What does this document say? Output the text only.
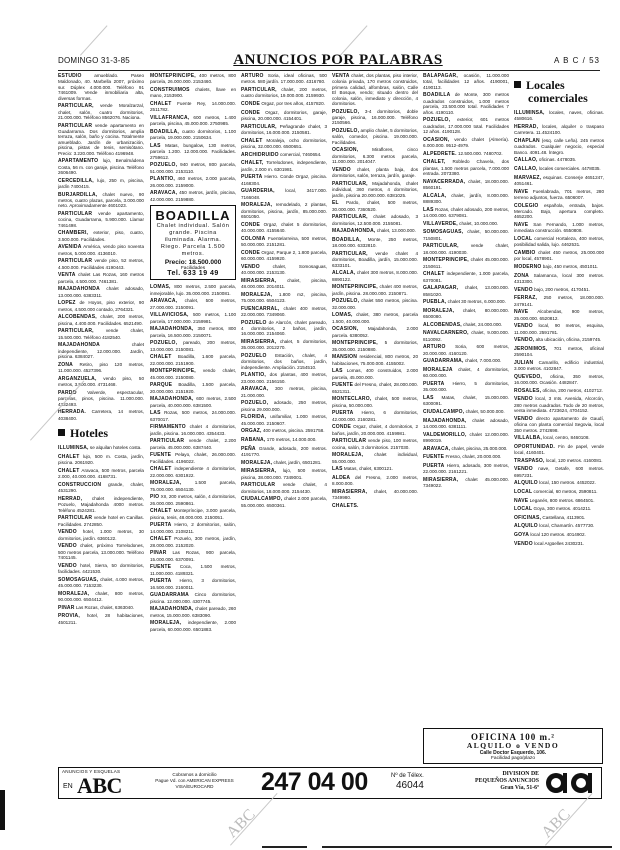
DOMINGO 31-3-85	ANUNCIOS POR PALABRAS	A B C / 53
ESTUDIO	amueblado. Paseo Maldonado, 40. Marbella 2007, próximo sur. Dúplex 4.000.000. Teléfono 91 7461009. Vende inmobiliaria alta, diversas formas.
PARTICULAR, vende Moralzarzal, chalet, salón, cuatro dormitorios, 21.000.000. Teléfono 8562076. Naciona.
PARTICULAR vende apartamento en Guadarrama. Dos dormitorios, amplia terraza, salón, baño y cocina. Totalmente amueblado. Jardín de urbanización, piscina, pistas de tenis, semisótano. Precio: 3.220.000. Teléfono 4196948.
APARTAMENTO lujo, Benalmádena Costa, 56 m. con garaje, piscina. Teléfono 2606490.
CERCEDILLA, lujo, 250 m, piscina, jardín 7400415.
BURJARDILLA, chalet nuevo, 90 metros, cuatro plazas, parcela, 3.000.000 neto. Aproximadamente 4601023.
PARTICULAR vende apartamento, cocina, Guadarrama, 5.900.000. Llamar 7461498.
CHAMBERI, exterior, piso, cuatro, 3.500.000. Facilidades.
AVENIDA América, vendo piso noventa metros, 5.000.000. 4136010.
PARTICULAR vende piso, 52 metros, 4.500.000. Facilidades 4190443.
VENTA chalet Las Rozas, 160 metros parcela, 4.500.000. 7461381.
MAJADAHONDA chalet adosado, 13.000.000. 6383311.
LOPEZ de Hoyos, piso exterior, 90 metros, 4.500.000 contado, 2764321.
ALCOBENDAS, chalet, 200 metros, piscina, 4.400.000. Facilidades. 6521490.
PARTICULAR,	vende chalet, 15.500.000. Teléfono 4182540.
MAJADAHONDA	chalet independiente, 12.000.000. Jardín, piscina. 6384027.
ZONA Retiro, piso 120 metros, 11.000.000. 4527396.
ARGANZUELA, vendo piso, 50 metros, 3.500.000. 4731468.
PARDO Valverde, espectacular, parcelas, pinos, piscina. 11.000.000. 4332493.
HERRADA. Carretera, 14 metros, 4038400.
Hoteles
ILLUMINSA, se alquilan hoteles costa.
CHALET lujo, 500 m. Costa, jardín, piscina. 2061920.
CHALET Aravaca, 500 metros, parcela 2.000, 40.000.000. 4168731.
CONSTRUCCION grande, chalet, 4531290.
HERRAD, chalet independiente, Pozuelo, Majadahonda 4000 metros. Teléfono 4524281.
PARTICULAR vende hotel en Canillas. Facilidades. 2742850.
VENDO hotel, 1.000 metros, 30 dormitorios, jardín. 6360122.
VENDO chalet, próximo Torrelodones, 500 metros parcela, 13.000.000. Teléfono 7401145.
VENDO hotel, Sierra, 50 dormitorios, facilidades. 4421530.
SOMOSAGUAS, chalet, 4.000 metros, 45.000.000. 7153230.
MORALEJA, chalet, 800 metros, 90.000.000. 6504412.
PINAR Las Rozas, chalet, 6363040.
PROVIA, hotel, 28 habitaciones, 4501211.
MONTEPRINCIPE, 400 metros, 800 parcela, 26.000.000. 2153460.
CONSTRUIMOS chalets, llave en mano, 2153900.
CHALET Fuente Rey, 14.000.000. 2511782.
VILLAFRANCA, 600 metros, 1.400 parcela, piscina, 45.000.000. 2750985.
BOADILLA, cuatro dormitorios, 1.100 parcela, 19.000.000. 2150634.
LAS Matas, bungalow, 130 metros, parcela 1.200. 12.000.000. Facilidades. 2759612.
POZUELO, 940 metros, 800 parcela, 51.000.000. 2153110.
PLANTIO, 460 metros, 2.000 parcela, 26.000.000. 2159000.
ARAVACA, 450 metros, jardín, piscina, 42.000.000. 2159880.
BOADILLA
Chalet individual. Salón grande. Piscina iluminada. Alarma. Riego. Parcela 1.500 metros.
Precio: 18.500.000
Facilidades
Tel. 633 19 49
LOMAS, 800 metros, 2.500 parcela, inmejorable, lujo. 35.000.000. 2150081.
ARAVACA, chalet, 500 metros, 27.000.000. 2150091.
VILLAVICIOSA, 500 metros, 1.100 parcela, 17.000.000. 2159981.
MAJADAHONDA, 350 metros, 800 parcela, 16.500.000. 2150071.
POZUELO, pareado, 200 metros, 13.000.000. 2150081.
CHALET Boadilla, 1.600 parcela, 22.000.000. 2151900.
MONTEPRINCIPE, vendo chalet, 45.000.000. 2150080.
PARQUE Boadilla, 1.500 parcela, 20.000.000. 2151920.
MAJADAHONDA, 600 metros, 2.500 parcela, 40.000.000. 6381500.
LAS Rozas, 500 metros, 24.000.000. 6370017.
FIRMAMENTO chalet 4 dormitorios, jardín, piscina. 16.000.000. 4354433.
PARTICULAR vende chalet, 2.200 parcela. 45.000.000. 6387440.
FUENTE Pelayo, chalet, 26.000.000. Facilidades. 4196022.
CHALET independiente 4 dormitorios, 22.000.000. 6301922.
MORALEJA,	1.500 parcela, 75.000.000. 6504130.
PIO XII, 200 metros, salón, 4 dormitorios, 26.000.000. 2590861.
CHALET Montepríncipe, 3.000 parcela, piscina, tenis, 48.000.000. 2150051.
PUERTA Hierro, 2 dormitorios, salón, 14.000.000. 2108211.
CHALET Pozuelo, 300 metros, jardín, 28.000.000. 2152020.
PINAR Las Rozas, 900 parcela, 15.000.000. 6370091.
FUENTE Coca, 1.500 metros, 11.000.000. 4189321.
PUERTA Hierro, 3 dormitorios, 16.500.000. 2160011.
GUADARRAMA Cinco dormitorios, piscina. 12.000.000. 4307745.
MAJADAHONDA, chalet pareado, 260 metros, 15.000.000. 6383090.
MORALEJA, independiente, 2.000 parcela, 60.000.000. 6501883.
ARTURO Soria, ideal oficinas, 500 metros. 580 jardín. 17.000.000. 4316780.
PARTICULAR, chalet, 200 metros, cuatro dormitorios, 19.000.000. 2159930.
CONDE Orgaz, por tres años, 4157820.
CONDE Orgaz, dormitorios, garaje, piscina, 20.000.000. 4154401.
PARTICULAR, Peñagrande chalet, 3 dormitorios, 16.000.000. 2150581.
CHALET Moraleja, ocho dormitorios, piscina, 32.000.000. 6500651.
ARCHIDRUIDO comercial, 7460654.
CHALET, Torrelodones, independiente, jardín, 2.000 m. 6301981.
PUERTA Hierro. Conde Orgaz, piscina. 4168304.
GUARDERIA, local, 3417.000. 7166048.
MORALEJA, remodelado, 2 plantas, dormitorios, piscina, jardín, 85.000.000. 6501050.
CONDE Orgaz, chalet 5 dormitorios, 40.000.000. 4155640.
COLONIA Fuentelarreina, 500 metros, 50.000.000. 2151281.
CONDE Orgaz, Parque 2, 1.800 parcela, 60.000.000. 4159920.
VENDO	chalet, Somosaguas, 40.000.000. 2153130.
MIRASIERRA, chalet, piscina, 48.000.000. 2014011.
MORALEJA, 1.800 m2, piscina, 75.000.000. 6504123.
FUENCARRAL, chalet 400 metros, 22.000.000. 7349060.
POZUELO de Alarcón, chalet pareado, 4 dormitorios, 2 baños, jardín, 16.000.000. 2154060.
MIRASIERRA, chalet, 5 dormitorios, 35.000.000. 2012270.
POZUELO Estación, chalet, 4 dormitorios, dos baños, jardín, independiente. Ampliación. 2154510.
PLANTIO, dos plantas, 400 metros, 23.000.000. 2156150.
ARAVACA, 300 metros, piscina, 21.000.000.
POZUELO, adosado, 250 metros, piscina 29.000.000.
FLORIDA, unifamiliar, 1.000 metros, 45.000.000. 2150607.
ORGAZ, 400 metros, piscina. 2591758.
RABANA, 170 metros, 14.000.000.
PEÑA Grande, adosado, 200 metros. 4191770.
MORALEJA, chalet, jardín, 6501281.
MIRASIERRA, lujo, 500 metros, piscina, 38.000.000. 7349001.
PARTICULAR vende chalet, 4 dormitorios, 18.000.000. 2154430.
CIUDALCAMPO, chalet 2.000 parcela, 55.000.000. 6500361.
VENTA chalet, dos plantas, piso interior, colonia privada, 170 metros construidos, primera calidad, alfombras, salón, Calle El Bosque, vendo; situado dentro del colonia, salón, inmediato y dirección, 4 dormitorios.
POZUELO, 3-4 dormitorios, doble garaje, piscina, 16.000.000. Teléfono 2150566.
POZUELO, amplio chalet, 5 dormitorios, salón, comedor, piscina. 19.000.000. Facilidades.
OCASION,	Miraflores, cinco dormitorios, 6.300 metros parcela, 11.000.000. 2014047.
VENDO chalet, planta baja, dos dormitorios, salón, terraza, jardín, garaje.
PARTICULAR, Majadahonda, chalet individual, 360 metros, 4 dormitorios, jardín, piscina 20.000.000. 6381025.
EL Pardo, chalet, 500 metros, 30.000.000. 7360520.
PARTICULAR, chalet adosado, 3 dormitorios, 12.500.000. 2155081.
MAJADAHONDA, chalet, 13.000.000.
BOADILLA, Monte, 250 metros, 18.000.000. 6332810.
PARTICULAR, vende chalet 4 dormitorios, Boadilla, jardín, 15.000.000. 6333101.
ALCALA, chalet 300 metros, 8.000.000. 8890122.
MONTEPRINCIPE, chalet 400 metros, jardín, piscina. 28.000.000. 2150871.
POZUELO, chalet 550 metros, piscina. 32.000.000.
LOMAS, chalet, 380 metros, parcela 1.500, 40.000.000.
OCASION, Majadahonda, 2.000 parcela. 6380052.
MONTEPRINCIPE, 5 dormitorios, 35.000.000. 2150880.
MANSION residencial, 800 metros, 20 habitaciones, 75.000.000. 4155002.
LAS Lomas, 400 construidos, 2.000 parcela, 45.000.000.
FUENTE del Fresno, chalet, 28.000.000. 6521311.
MONTECLARO, chalet, 500 metros, piscina, 50.000.000.
PUERTA Hierro, 6 dormitorios, 42.000.000. 2160281.
CONDE Orgaz, chalet, 4 dormitorios, 2 baños, jardín, 20.000.000. 4159981.
PARTICULAR vende piso, 100 metros, cocina, salón, 3 dormitorios. 2157030.
MORALEJA, chalet individual, 55.000.000.
LAS Matas, chalet, 6300121.
ALDEA del Fresno, 2.000 metros, 8.000.000.
MIRASIERRA, chalet, 40.000.000. 7349980.
CHALETS.
BALAPAGAR, ocasión, 11.000.000 total, facilidades 12 años. 4190001, 4190113.
BOADILLA de Monte, 300 metros cuadrados construidos, 1.000 metros parcela, 23.500.000 total. Facilidades 7 años. 4190110.
POZUELO, exterior, 601 metros cuadrados, 17.000.000 total. Facilidades 12 años. 4190128.
OCASION, vendo chalet (Almería). 6.000.000. 9512-4979.
ALPEDRETE. 12.500.000. 7480702.
CHALET, Robledo Chavela, dos plantas, 1.500 metros parcela, 7.000.000 entrada. 2073380.
NAVACERRADA, chalet, 18.000.000. 8560191.
ALCALA, chalet, jardín, 8.000.000. 8889300.
LAS Rozas, chalet adosado, 200 metros, 14.000.000. 6379081.
VILLAVERDE, chalet, 10.000.000.
SOMOSAGUAS, chalet, 50.000.000. 7150801.
PARTICULAR,	vende chalet, 18.000.000. 4190030.
MONTEPRINCIPE, chalet 45.000.000. 2150611.
CHALET independiente, 1.000 parcela, 6370081.
GALAPAGAR, chalet, 13.000.000. 8581020.
PUEBLA, chalet 30 metros, 6.000.000.
MORALEJA, chalet, 80.000.000. 6500080.
ALCOBENDAS, chalet, 24.000.000.
NAVALCARNERO, chalet, 9.000.000. 8110092.
ARTURO Soria, 600 metros, 20.000.000. 4160120.
GUADARRAMA, chalet, 7.000.000.
MORALEJA chalet, 4 dormitorios, 60.000.000.
PUERTA Hierro, 5 dormitorios, 35.000.000.
LAS Matas, chalet, 15.000.000. 6300091.
CIUDALCAMPO, chalet, 50.000.000.
MAJADAHONDA, chalet adosado, 14.000.000. 6381111.
VALDEMORILLO, chalet 12.000.000. 8990019.
ARAVACA, chalet, piscina, 25.000.000.
FUENTE Fresno, chalet, 20.000.000.
PUERTA Hierro, adosado, 300 metros, 22.000.000. 2161221.
MIRASIERRA, chalet 45.000.000. 7349022.
Locales
comerciales
ILLUMINSA, locales, naves, oficinas. 4580616.
HERRAD, locales, alquiler o traspaso Carretera. 11.4524100.
CHAPLAN (esq. calle Leña). 245 metros cuadrados. Cualquier negocio, especial Banco. 4091.48. Íntegro.
CALLAO, oficinas. 4478035.
CALLAO, locales comerciales. 4478035.
MARVAEZ, esquinas. Conserje 4651247, 4051461.
NAVE Fuenlabrada, 701 metros, 280 terreno adjuntos, fuerza. 6506007.
COLEGIO española, entrada, bajos. Mercado. Bajo, apertura completo. 4652200.
NAVE San Fernando, 1.000 metros, inmediata construcción. 6550808.
LOCAL comercial Hortaleza, 400 metros, posibilidad salida, lujo. 4462531.
CAMBIO chalet 450 metros, 25.000.000 por local, 4578901.
MODERNO bajo, 450 metros, 4501011.
ZONA Salamanca, local 300 metros. 4313300.
VENDO bajo, 200 metros, 4170451.
FERRAZ, 250 metros, 18.000.000. 2479141.
NAVE Alcobendas, 900 metros, 25.000.000. 6520812.
VENDO local, 90 metros, esquina, 11.000.000. 2591781.
VENDO, alta ubicación, oficina, 2159745.
JERONIMOS, 701 metros, oficinal 2590104.
JULIAN Camarillo, edificio industrial, 3.000 metros. 4102847.
QUEVEDO, oficina, 350 metros, 16.000.000. Ocasión. 4482847.
ROSALES, oficina, 200 metros, 4102712.
VENDO local, 3 mts. Avenida, Alcorcón, 280 metros cuadrados. Todo de 20 metros, venta inmediata. 4723624, 4704152.
VENDO directo apartamento de Gaudí, oficina con planta comercial Segovia, local 350 metros. 2742698.
VILLALBA, local, centro, 8460108.
OPORTUNIDAD. Fin de papel, vende local, 4160401.
TRASPASO, local, 120 metros. 4160081.
VENDO nave, Getafe, 600 metros. 6957231.
ALQUILO local, 150 metros. 4452022.
LOCAL comercial, 60 metros, 2590811.
NAVE Leganés, 800 metros. 6864501.
LOCAL Goya, 300 metros. 4014211.
OFICINAS, Castellana, 4113901.
ALQUILO local, Chamartín. 4577730.
GOYA local 120 metros. 4014902.
VENDO local Argüelles 2430231.
OFICINA 100 m.²
ALQUILO o VENDO
Calle Doctor Esquerdo, 106.
Facilidad pago/plazo
ANUNCIOS Y ESQUELAS
EN ABC	Cobramos a domicilio
Pague Vd. con AMERICAN EXPRESS
VISA/EUROCARD	247 04 00	Nº de Télex.
46044
DIVISION DE
PEQUEÑOS ANUNCIOS
Gran Vía, 51-6º
ABC	ABC
